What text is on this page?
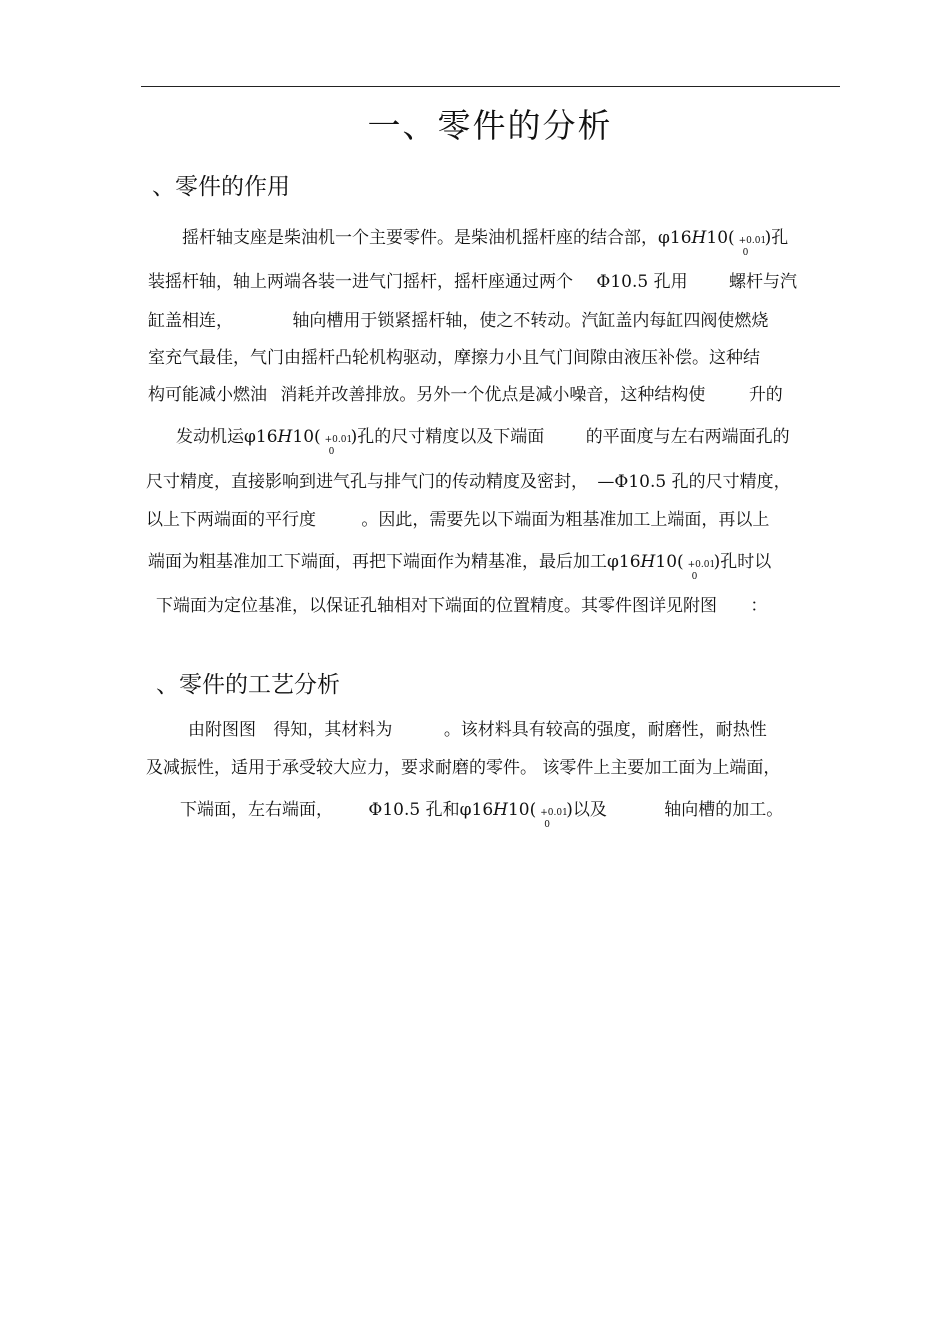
一、零件的分析
、零件的作用
摇杆轴支座是柴油机一个主要零件。是柴油机摇杆座的结合部，φ16H10( +0.01
0
)孔
装摇杆轴，轴上两端各装一进气门摇杆，摇杆座通过两个 Φ10.5 孔用 螺杆与汽
缸盖相连，	轴向槽用于锁紧摇杆轴，使之不转动。汽缸盖内每缸四阀使燃烧
室充气最佳，气门由摇杆凸轮机构驱动，摩擦力小且气门间隙由液压补偿。这种结
构可能减小燃油 消耗并改善排放。另外一个优点是减小噪音，这种结构使	升的
发动机运φ16H10( +0.01
0
)孔的尺寸精度以及下端面 的平面度与左右两端面孔的
尺寸精度，直接影响到进气孔与排气门的传动精度及密封， —Φ10.5 孔的尺寸精度，
以上下两端面的平行度	。因此，需要先以下端面为粗基准加工上端面，再以上
端面为粗基准加工下端面，再把下端面作为精基准，最后加工φ16H10( +0.01
0
)孔时以
下端面为定位基准，以保证孔轴相对下端面的位置精度。其零件图详见附图 ：
、零件的工艺分析
由附图图 得知，其材料为	。该材料具有较高的强度，耐磨性，耐热性
及减振性，适用于承受较大应力，要求耐磨的零件。 该零件上主要加工面为上端面，
下端面，左右端面， Φ10.5 孔和φ16H10( +0.01
0
)以及	轴向槽的加工。
